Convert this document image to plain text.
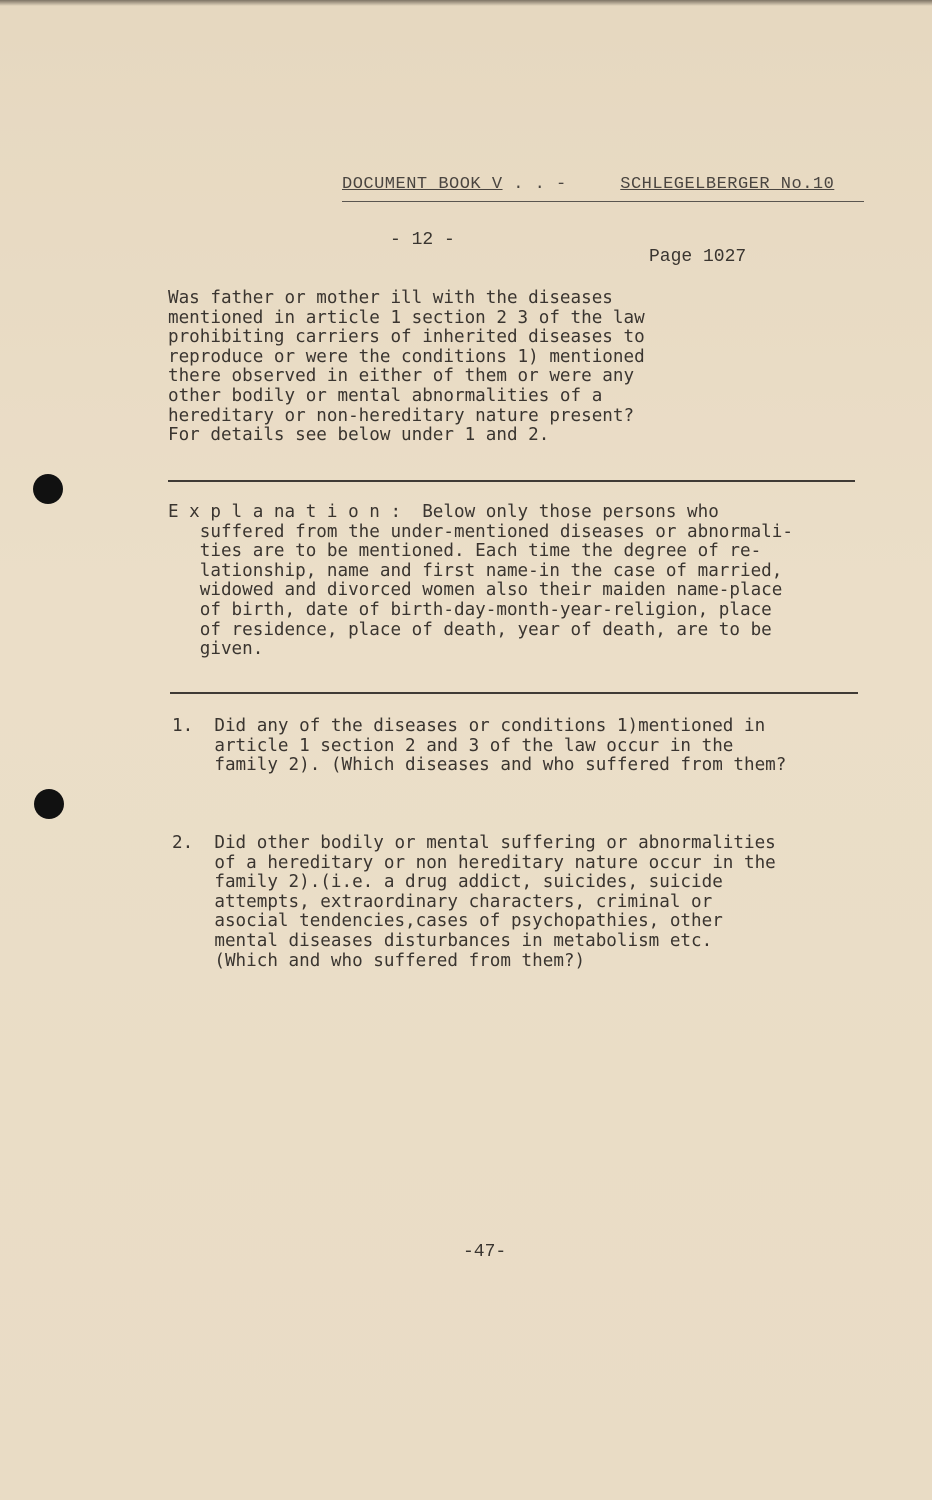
DOCUMENT BOOK V . . -	SCHLEGELBERGER No.10
- 12 -
Page 1027
Was father or mother ill with the diseases
mentioned in article 1 section 2 3 of the law
prohibiting carriers of inherited diseases to
reproduce or were the conditions 1) mentioned
there observed in either of them or were any
other bodily or mental abnormalities of a
hereditary or non-hereditary nature present?
For details see below under 1 and 2.
E x p l a na t i o n :  Below only those persons who
suffered from the under-mentioned diseases or abnormali-
ties are to be mentioned. Each time the degree of re-
lationship, name and first name-in the case of married,
widowed and divorced women also their maiden name-place
of birth, date of birth-day-month-year-religion, place
of residence, place of death, year of death, are to be
given.
1.  Did any of the diseases or conditions 1)mentioned in
article 1 section 2 and 3 of the law occur in the
family 2). (Which diseases and who suffered from them?
2.  Did other bodily or mental suffering or abnormalities
of a hereditary or non hereditary nature occur in the
family 2).(i.e. a drug addict, suicides, suicide
attempts, extraordinary characters, criminal or
asocial tendencies,cases of psychopathies, other
mental diseases disturbances in metabolism etc.
(Which and who suffered from them?)
-47-
